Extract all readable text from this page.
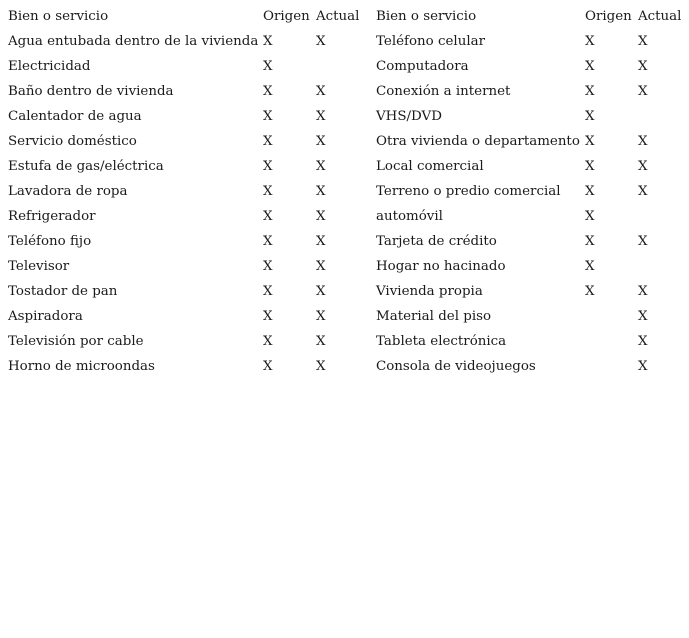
Bien o servicio	Origen	Actual
Agua entubada dentro de la vivienda	X	X
Electricidad	X	
Baño dentro de vivienda	X	X
Calentador de agua	X	X
Servicio doméstico	X	X
Estufa de gas/eléctrica	X	X
Lavadora de ropa	X	X
Refrigerador	X	X
Teléfono fijo	X	X
Televisor	X	X
Tostador de pan	X	X
Aspiradora	X	X
Televisión por cable	X	X
Horno de microondas	X	X
Bien o servicio	Origen	Actual
Teléfono celular	X	X
Computadora	X	X
Conexión a internet	X	X
VHS/DVD	X	
Otra vivienda o departamento	X	X
Local comercial	X	X
Terreno o predio comercial	X	X
automóvil	X	
Tarjeta de crédito	X	X
Hogar no hacinado	X	
Vivienda propia	X	X
Material del piso		X
Tableta electrónica		X
Consola de videojuegos		X
